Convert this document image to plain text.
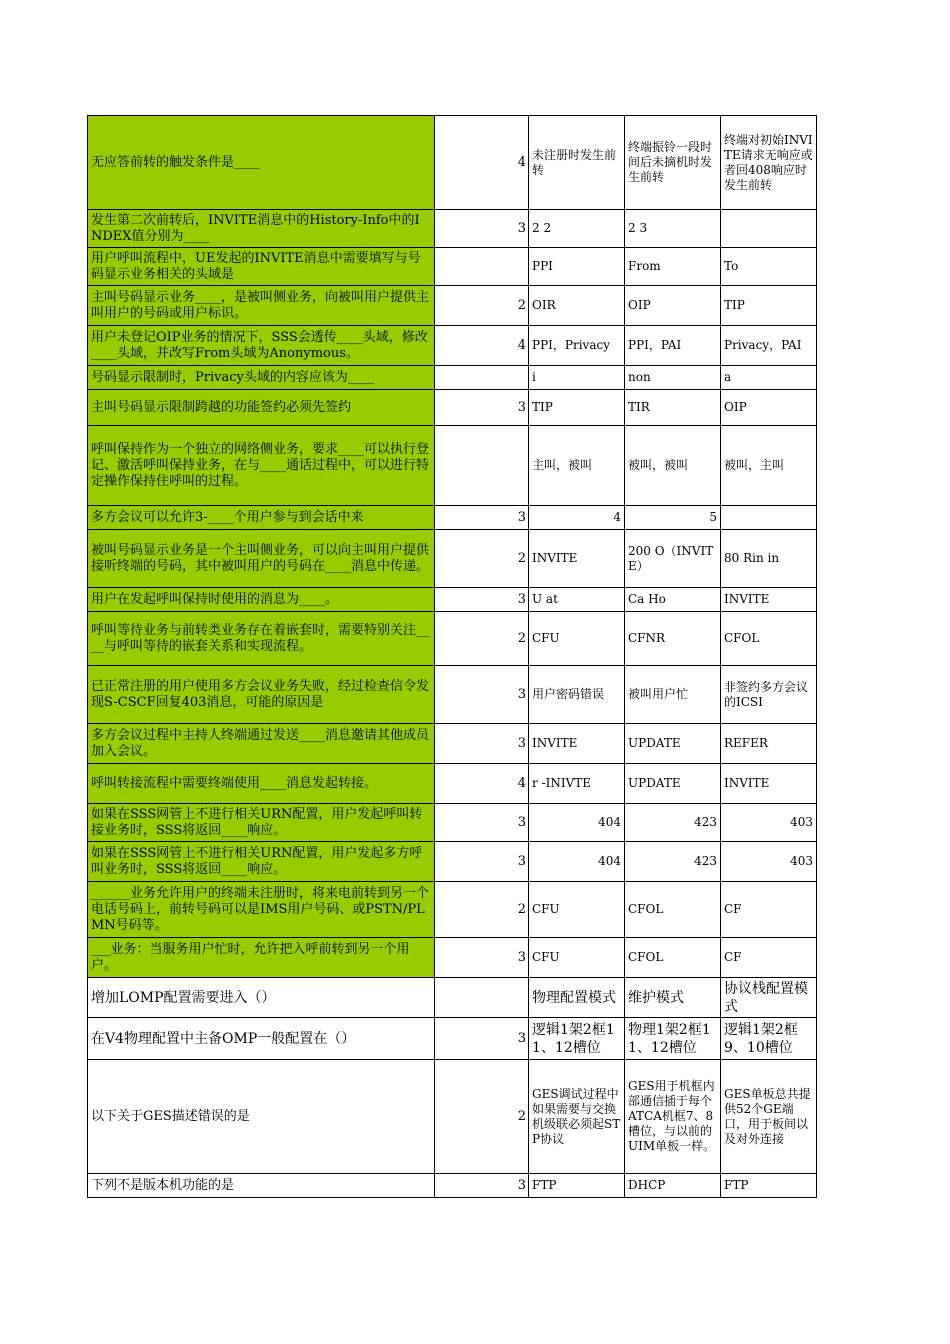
无应答前转的触发条件是____	4	未注册时发生前转	终端振铃一段时间后未摘机时发生前转	终端对初始INVITE请求无响应或者回408响应时发生前转
发生第二次前转后，INVITE消息中的History-Info中的INDEX值分别为____	3	2 2	2 3	
用户呼叫流程中，UE发起的INVITE消息中需要填写与号码显示业务相关的头域是		PPI	From	To
主叫号码显示业务____，是被叫侧业务，向被叫用户提供主叫用户的号码或用户标识。	2	OIR	OIP	TIP
用户未登记OIP业务的情况下，SSS会透传____头域，修改____头域，并改写From头域为Anonymous。	4	PPI，Privacy	PPI，PAI	Privacy，PAI
号码显示限制时，Privacy头域的内容应该为____		i	non	a
主叫号码显示限制跨越的功能签约必须先签约	3	TIP	TIR	OIP
呼叫保持作为一个独立的网络侧业务，要求____可以执行登记、激活呼叫保持业务，在与____通话过程中，可以进行特定操作保持住呼叫的过程。		主叫，被叫	被叫，被叫	被叫，主叫
多方会议可以允许3-____个用户参与到会话中来	3	4	5	
被叫号码显示业务是一个主叫侧业务，可以向主叫用户提供接听终端的号码，其中被叫用户的号码在____消息中传递。	2	INVITE	200 O（INVITE）	80 Rin in
用户在发起呼叫保持时使用的消息为____。	3	U at	Ca Ho	INVITE
呼叫等待业务与前转类业务存在着嵌套时，需要特别关注____与呼叫等待的嵌套关系和实现流程。	2	CFU	CFNR	CFOL
已正常注册的用户使用多方会议业务失败，经过检查信令发现S-CSCF回复403消息，可能的原因是	3	用户密码错误	被叫用户忙	非签约多方会议的ICSI
多方会议过程中主持人终端通过发送____消息邀请其他成员加入会议。	3	INVITE	UPDATE	REFER
呼叫转接流程中需要终端使用____消息发起转接。	4	r -INIVTE	UPDATE	INVITE
如果在SSS网管上不进行相关URN配置，用户发起呼叫转接业务时，SSS将返回____响应。	3	404	423	403
如果在SSS网管上不进行相关URN配置，用户发起多方呼叫业务时，SSS将返回____响应。	3	404	423	403
______业务允许用户的终端未注册时，将来电前转到另一个电话号码上，前转号码可以是IMS用户号码、或PSTN/PLMN号码等。	2	CFU	CFOL	CF
___业务：当服务用户忙时，允许把入呼前转到另一个用户。	3	CFU	CFOL	CF
增加LOMP配置需要进入（）		物理配置模式	维护模式	协议栈配置模式
在V4物理配置中主备OMP一般配置在（）	3	逻辑1架2框11、12槽位	物理1架2框11、12槽位	逻辑1架2框9、10槽位
以下关于GES描述错误的是	2	GES调试过程中如果需要与交换机级联必须起STP协议	GES用于机框内部通信插于每个ATCA机框7、8槽位，与以前的UIM单板一样。	GES单板总共提供52个GE端口，用于板间以及对外连接
下列不是版本机功能的是	3	FTP	DHCP	FTP
